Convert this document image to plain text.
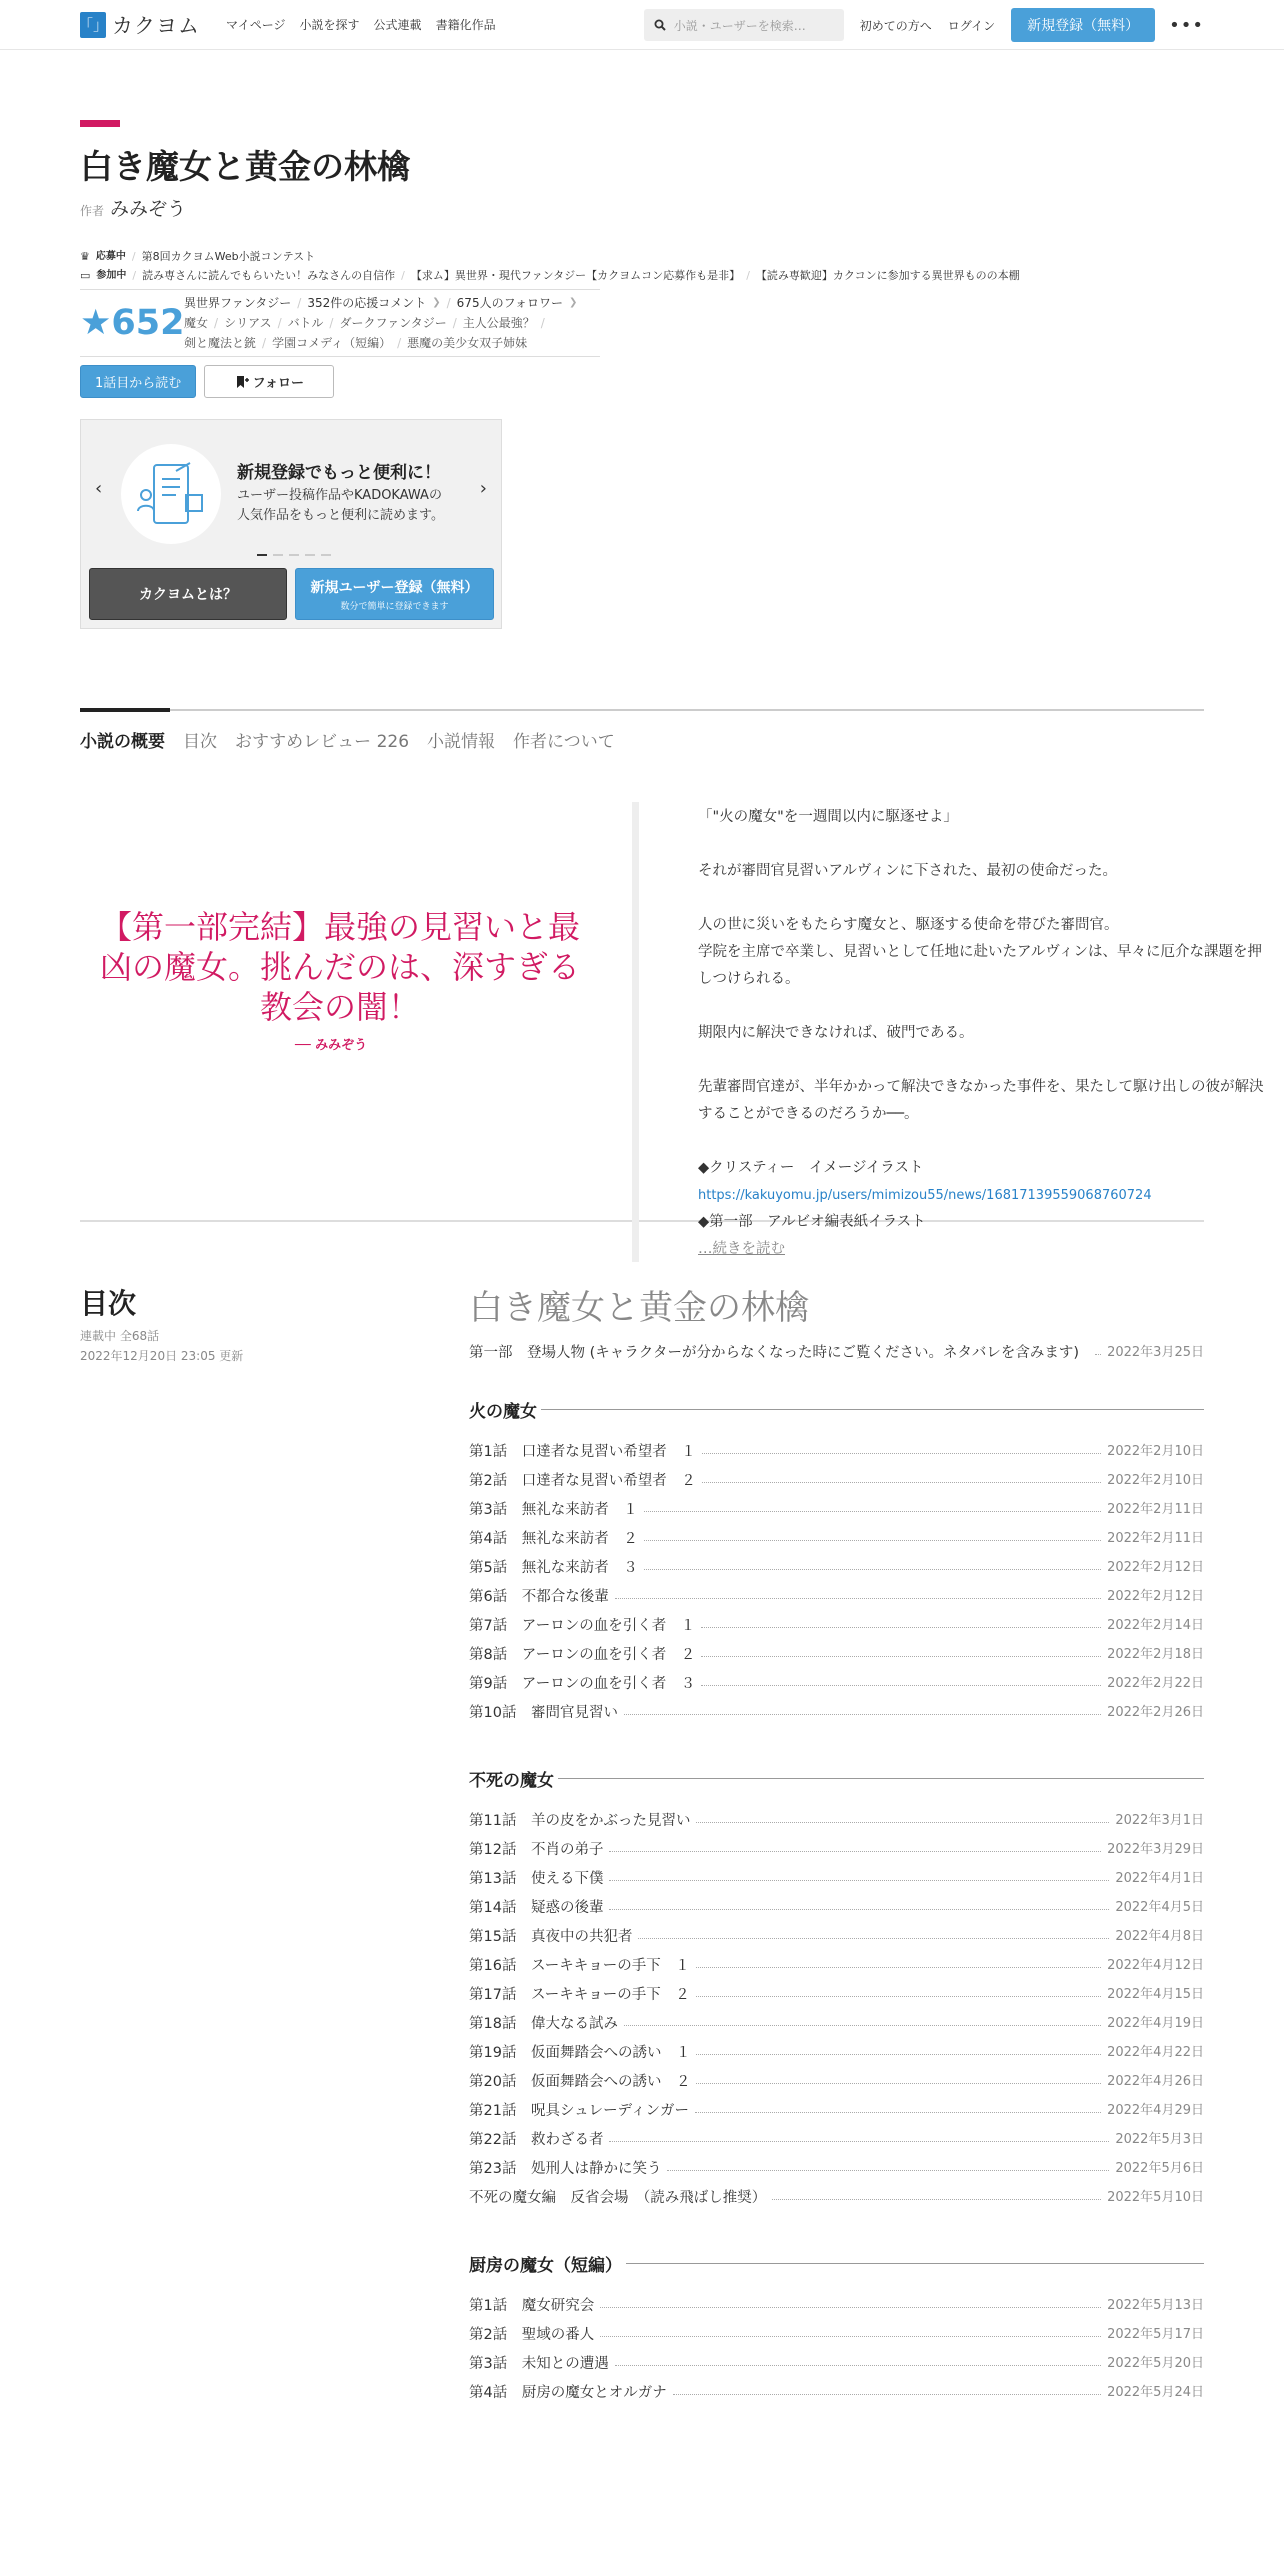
「」 カクヨム マイページ 小説を探す 公式連載 書籍化作品	小説・ユーザーを検索…	初めての方へ ログイン	新規登録（無料）	•••
白き魔女と黄金の林檎
作者 みみぞう
♛ 応募中 / 第8回カクヨムWeb小説コンテスト
▭ 参加中 / 読み専さんに読んでもらいたい！みなさんの自信作 / 【求ム】異世界・現代ファンタジー【カクヨムコン応募作も是非】 / 【読み専歓迎】カクコンに参加する異世界ものの本棚
★652 異世界ファンタジー / 352件の応援コメント ❯ / 675人のフォロワー ❯
魔女 / シリアス / バトル / ダークファンタジー / 主人公最強？ /
剣と魔法と銃 / 学園コメディ（短編） / 悪魔の美少女双子姉妹
1話目から読む	フォロー
‹	›
新規登録でもっと便利に！
ユーザー投稿作品やKADOKAWAの
人気作品をもっと便利に読めます。
カクヨムとは？	新規ユーザー登録（無料）
数分で簡単に登録できます
小説の概要 目次 おすすめレビュー 226 小説情報 作者について
【第一部完結】最強の見習いと最凶の魔女。挑んだのは、深すぎる教会の闇！
── みみぞう

「"火の魔女"を一週間以内に駆逐せよ」

それが審問官見習いアルヴィンに下された、最初の使命だった。

人の世に災いをもたらす魔女と、駆逐する使命を帯びた審問官。

学院を主席で卒業し、見習いとして任地に赴いたアルヴィンは、早々に厄介な課題を押しつけられる。

期限内に解決できなければ、破門である。

先輩審問官達が、半年かかって解決できなかった事件を、果たして駆け出しの彼が解決することができるのだろうか──。

◆クリスティー　イメージイラスト

https://kakuyomu.jp/users/mimizou55/news/16817139559068760724

◆第一部　アルビオ編表紙イラスト

…続きを読む
目次
連載中 全68話
2022年12月20日 23:05 更新
白き魔女と黄金の林檎
第一部　登場人物 (キャラクターが分からなくなった時にご覧ください。ネタバレを含みます)	2022年3月25日
火の魔女
第1話　口達者な見習い希望者　１	2022年2月10日
第2話　口達者な見習い希望者　２	2022年2月10日
第3話　無礼な来訪者　１	2022年2月11日
第4話　無礼な来訪者　２	2022年2月11日
第5話　無礼な来訪者　３	2022年2月12日
第6話　不都合な後輩	2022年2月12日
第7話　アーロンの血を引く者　１	2022年2月14日
第8話　アーロンの血を引く者　２	2022年2月18日
第9話　アーロンの血を引く者　３	2022年2月22日
第10話　審問官見習い	2022年2月26日
不死の魔女
第11話　羊の皮をかぶった見習い	2022年3月1日
第12話　不肖の弟子	2022年3月29日
第13話　使える下僕	2022年4月1日
第14話　疑惑の後輩	2022年4月5日
第15話　真夜中の共犯者	2022年4月8日
第16話　スーキキョーの手下　１	2022年4月12日
第17話　スーキキョーの手下　２	2022年4月15日
第18話　偉大なる試み	2022年4月19日
第19話　仮面舞踏会への誘い　１	2022年4月22日
第20話　仮面舞踏会への誘い　２	2022年4月26日
第21話　呪具シュレーディンガー	2022年4月29日
第22話　救わざる者	2022年5月3日
第23話　処刑人は静かに笑う	2022年5月6日
不死の魔女編　反省会場　（読み飛ばし推奨）	2022年5月10日
厨房の魔女（短編）
第1話　魔女研究会	2022年5月13日
第2話　聖域の番人	2022年5月17日
第3話　未知との遭遇	2022年5月20日
第4話　厨房の魔女とオルガナ	2022年5月24日
